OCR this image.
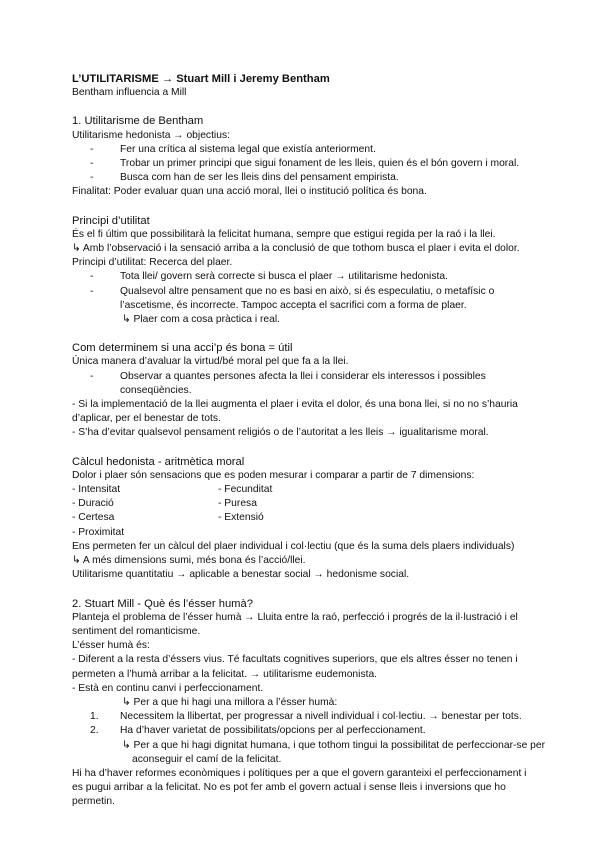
L’UTILITARISME → Stuart Mill i Jeremy Bentham
Bentham influencia a Mill
1. Utilitarisme de Bentham
Utilitarisme hedonista → objectius:
- Fer una crítica al sistema legal que existía anteriorment.
- Trobar un primer principi que sigui fonament de les lleis, quien és el bón govern i moral.
- Busca com han de ser les lleis dins del pensament empirista.
Finalitat: Poder evaluar quan una acció moral, llei o institució política és bona.
Principi d’utilitat
És el fi últim que possibilitarà la felicitat humana, sempre que estigui regida per la raó i la llei.
↳ Amb l’observació i la sensació arriba a la conclusió de que tothom busca el plaer i evita el dolor.
Principi d’utilitat: Recerca del plaer.
- Tota llei/ govern serà correcte si busca el plaer → utilitarisme hedonista.
- Qualsevol altre pensament que no es basi en això, si és especulatiu, o metafísic o
l’ascetisme, és incorrecte. Tampoc accepta el sacrifici com a forma de plaer.
↳ Plaer com a cosa pràctica i real.
Com determinem si una acci’p és bona = útil
Única manera d’avaluar la virtud/bé moral pel que fa a la llei.
- Observar a quantes persones afecta la llei i considerar els interessos i possibles
conseqüències.
- Si la implementació de la llei augmenta el plaer i evita el dolor, és una bona llei, si no no s’hauria
d’aplicar, per el benestar de tots.
- S’ha d’evitar qualsevol pensament religiós o de l’autoritat a les lleis → igualitarisme moral.
Càlcul hedonista - aritmètica moral
Dolor i plaer són sensacions que es poden mesurar i comparar a partir de 7 dimensions:
- Intensitat	- Fecunditat
- Duració	- Puresa
- Certesa	- Extensió
- Proximitat
Ens permeten fer un càlcul del plaer individual i col·lectiu (que és la suma dels plaers individuals)
↳ A més dimensions sumi, més bona és l’acció/llei.
Utilitarisme quantitatiu → aplicable a benestar social → hedonisme social.
2. Stuart Mill - Què és l’ésser humà?
Planteja el problema de l’ésser humà → Lluita entre la raó, perfecció i progrés de la il·lustració i el
sentiment del romanticisme.
L’ésser humà és:
- Diferent a la resta d’éssers vius. Té facultats cognitives superiors, que els altres ésser no tenen i
permeten a l’humà arribar a la felicitat. → utilitarisme eudemonista.
- Està en continu canvi i perfeccionament.
↳ Per a que hi hagi una millora a l’ésser humà:
1. Necessitem la llibertat, per progressar a nivell individual i col·lectiu. → benestar per tots.
2. Ha d’haver varietat de possibilitats/opcions per al perfeccionament.
↳ Per a que hi hagi dignitat humana, i que tothom tingui la possibilitat de perfeccionar-se per
aconseguir el camí de la felicitat.
Hi ha d’haver reformes econòmiques i polítiques per a que el govern garanteixi el perfeccionament i
es pugui arribar a la felicitat. No es pot fer amb el govern actual i sense lleis i inversions que ho
permetin.
